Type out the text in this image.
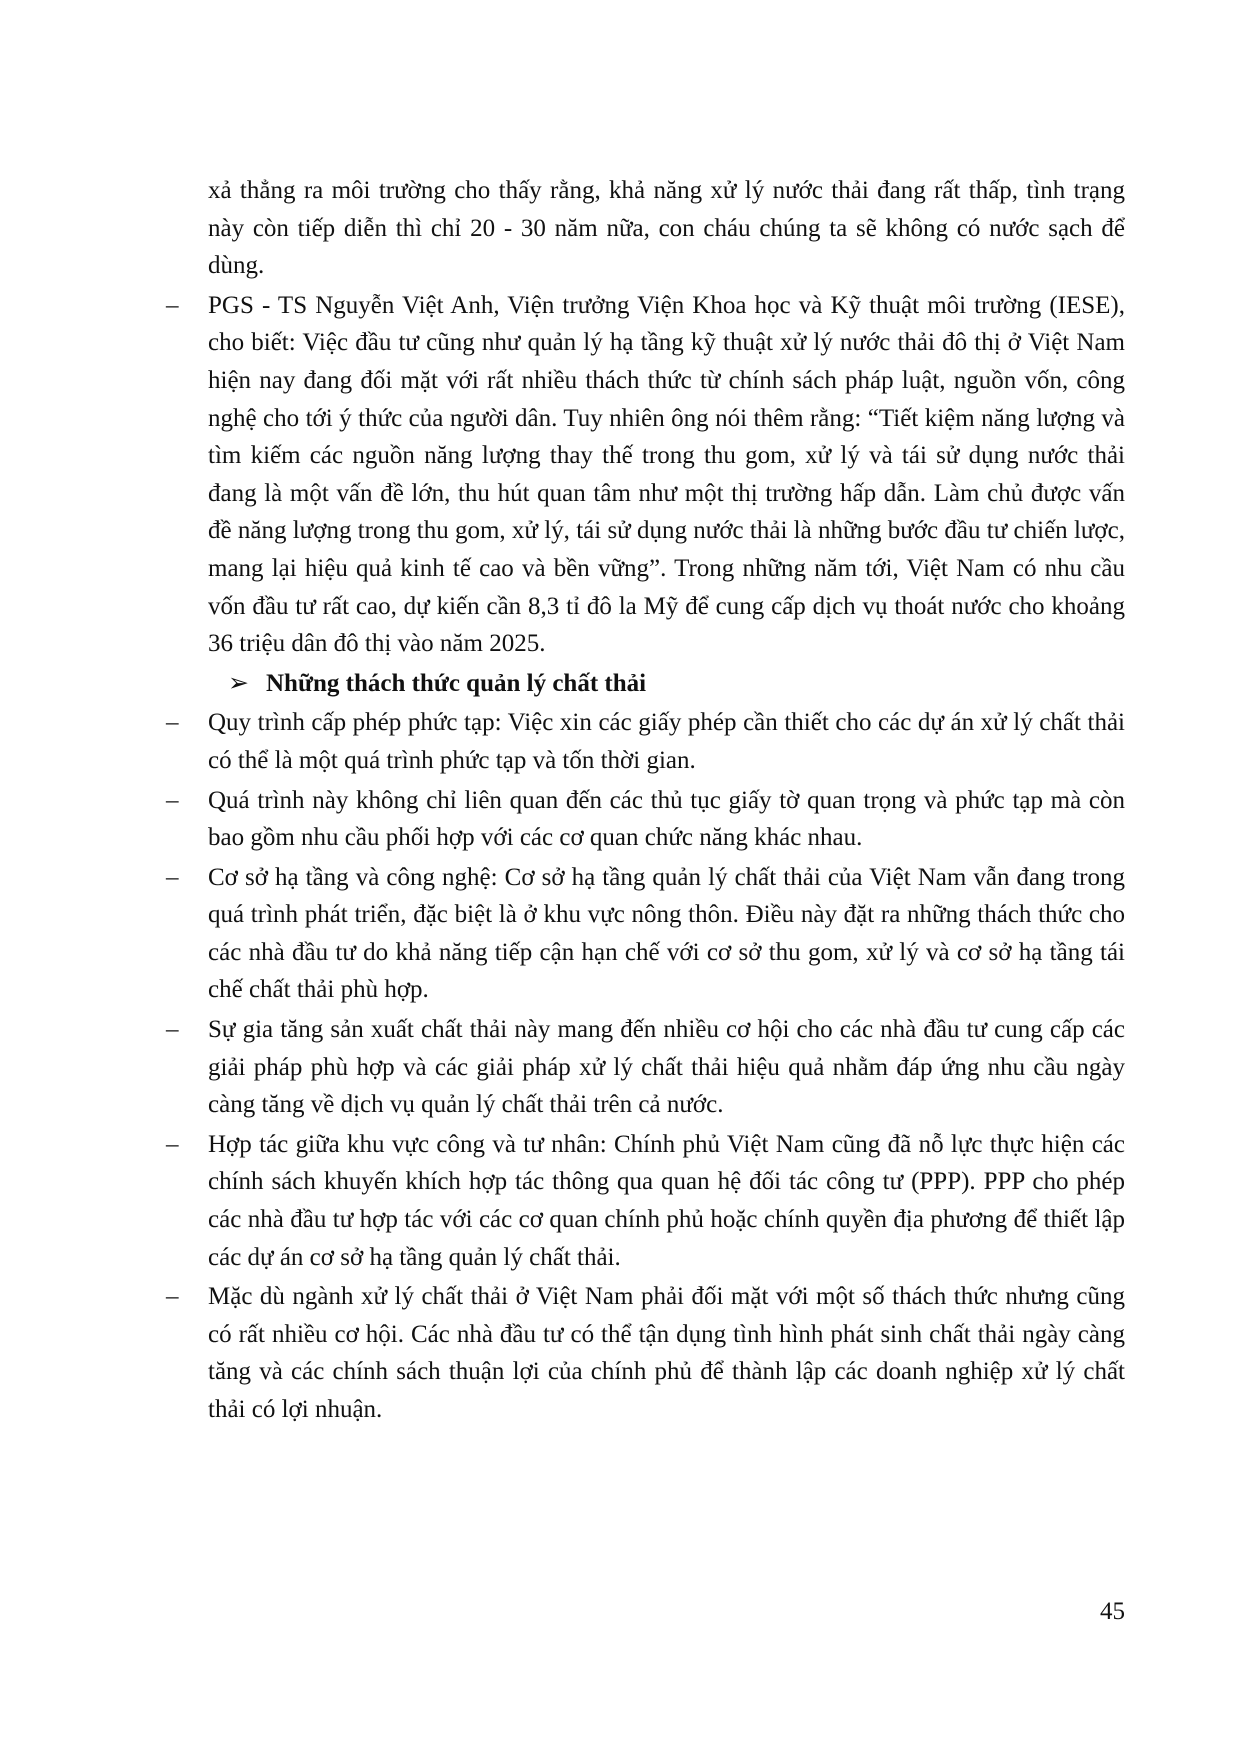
xả thẳng ra môi trường cho thấy rằng, khả năng xử lý nước thải đang rất thấp, tình trạng này còn tiếp diễn thì chỉ 20 - 30 năm nữa, con cháu chúng ta sẽ không có nước sạch để dùng.

–	PGS - TS Nguyễn Việt Anh, Viện trưởng Viện Khoa học và Kỹ thuật môi trường (IESE), cho biết: Việc đầu tư cũng như quản lý hạ tầng kỹ thuật xử lý nước thải đô thị ở Việt Nam hiện nay đang đối mặt với rất nhiều thách thức từ chính sách pháp luật, nguồn vốn, công nghệ cho tới ý thức của người dân. Tuy nhiên ông nói thêm rằng: “Tiết kiệm năng lượng và tìm kiếm các nguồn năng lượng thay thế trong thu gom, xử lý và tái sử dụng nước thải đang là một vấn đề lớn, thu hút quan tâm như một thị trường hấp dẫn. Làm chủ được vấn đề năng lượng trong thu gom, xử lý, tái sử dụng nước thải là những bước đầu tư chiến lược, mang lại hiệu quả kinh tế cao và bền vững”. Trong những năm tới, Việt Nam có nhu cầu vốn đầu tư rất cao, dự kiến cần 8,3 tỉ đô la Mỹ để cung cấp dịch vụ thoát nước cho khoảng 36 triệu dân đô thị vào năm 2025.
➢ Những thách thức quản lý chất thải
–	Quy trình cấp phép phức tạp: Việc xin các giấy phép cần thiết cho các dự án xử lý chất thải có thể là một quá trình phức tạp và tốn thời gian.
–	Quá trình này không chỉ liên quan đến các thủ tục giấy tờ quan trọng và phức tạp mà còn bao gồm nhu cầu phối hợp với các cơ quan chức năng khác nhau.
–	Cơ sở hạ tầng và công nghệ: Cơ sở hạ tầng quản lý chất thải của Việt Nam vẫn đang trong quá trình phát triển, đặc biệt là ở khu vực nông thôn. Điều này đặt ra những thách thức cho các nhà đầu tư do khả năng tiếp cận hạn chế với cơ sở thu gom, xử lý và cơ sở hạ tầng tái chế chất thải phù hợp.
–	Sự gia tăng sản xuất chất thải này mang đến nhiều cơ hội cho các nhà đầu tư cung cấp các giải pháp phù hợp và các giải pháp xử lý chất thải hiệu quả nhằm đáp ứng nhu cầu ngày càng tăng về dịch vụ quản lý chất thải trên cả nước.
–	Hợp tác giữa khu vực công và tư nhân: Chính phủ Việt Nam cũng đã nỗ lực thực hiện các chính sách khuyến khích hợp tác thông qua quan hệ đối tác công tư (PPP). PPP cho phép các nhà đầu tư hợp tác với các cơ quan chính phủ hoặc chính quyền địa phương để thiết lập các dự án cơ sở hạ tầng quản lý chất thải.
–	Mặc dù ngành xử lý chất thải ở Việt Nam phải đối mặt với một số thách thức nhưng cũng có rất nhiều cơ hội. Các nhà đầu tư có thể tận dụng tình hình phát sinh chất thải ngày càng tăng và các chính sách thuận lợi của chính phủ để thành lập các doanh nghiệp xử lý chất thải có lợi nhuận.
45
